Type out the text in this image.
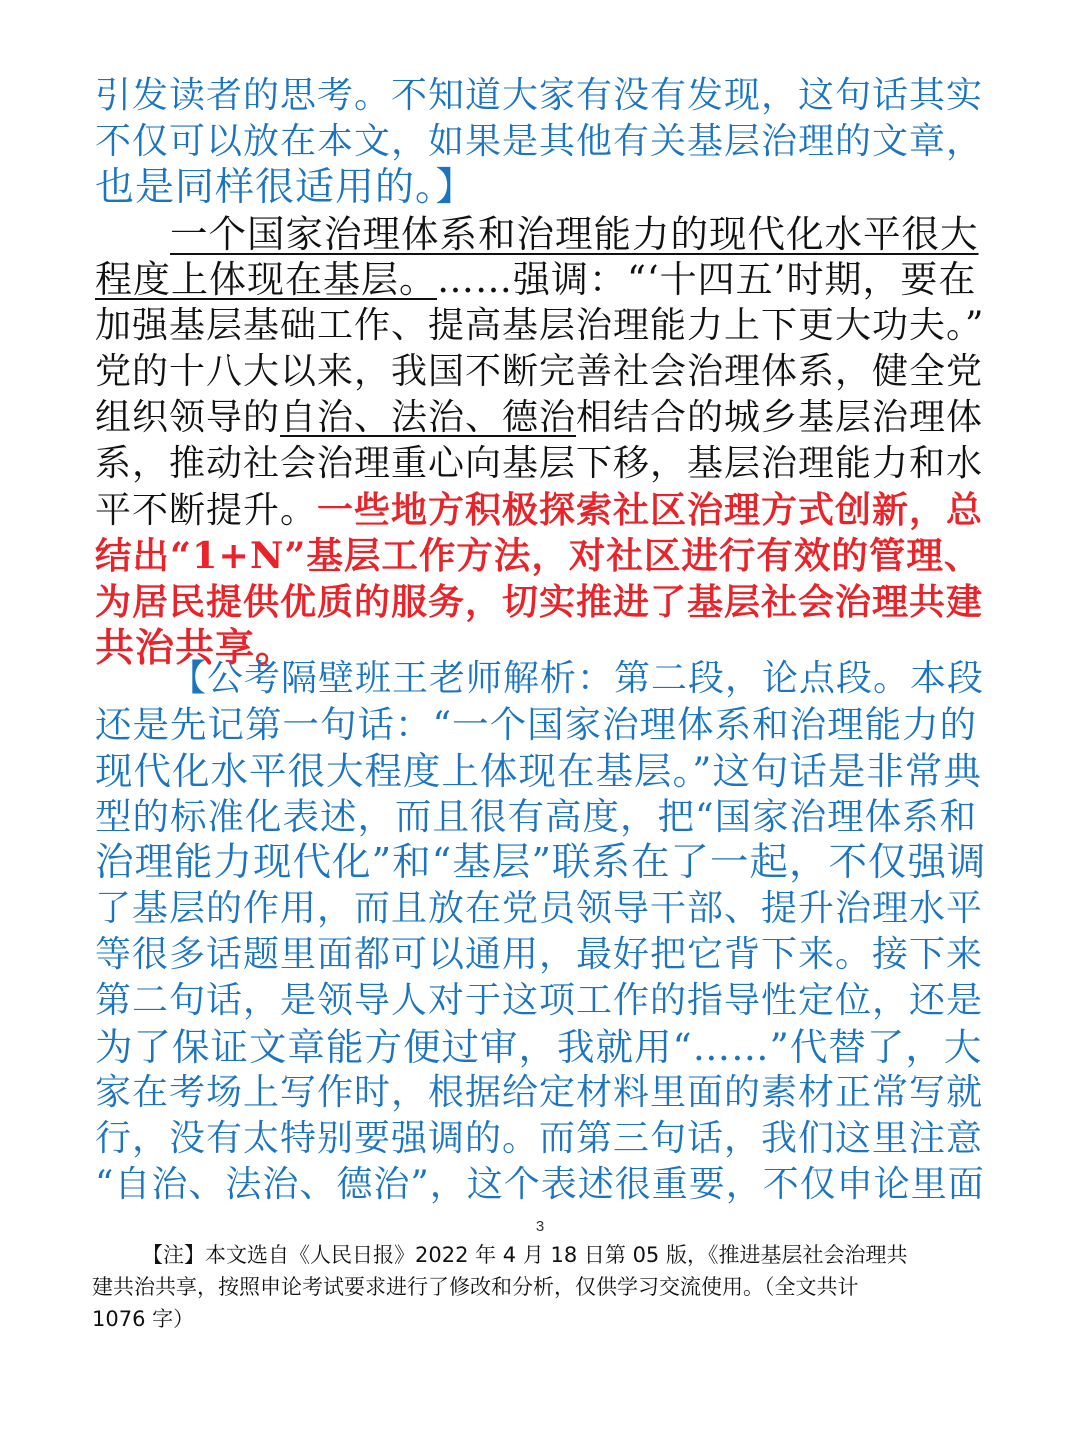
引发读者的思考。不知道大家有没有发现，这句话其实
不仅可以放在本文，如果是其他有关基层治理的文章，
也是同样很适用的。】
一个国家治理体系和治理能力的现代化水平很大
程度上体现在基层。……强调：“‘十四五’时期，要在
加强基层基础工作、提高基层治理能力上下更大功夫。”
党的十八大以来，我国不断完善社会治理体系，健全党
组织领导的自治、法治、德治相结合的城乡基层治理体
系，推动社会治理重心向基层下移，基层治理能力和水
平不断提升。一些地方积极探索社区治理方式创新，总
结出“1+N”基层工作方法，对社区进行有效的管理、
为居民提供优质的服务，切实推进了基层社会治理共建
共治共享。
【公考隔壁班王老师解析：第二段，论点段。本段
还是先记第一句话：“一个国家治理体系和治理能力的
现代化水平很大程度上体现在基层。”这句话是非常典
型的标准化表述，而且很有高度，把“国家治理体系和
治理能力现代化”和“基层”联系在了一起，不仅强调
了基层的作用，而且放在党员领导干部、提升治理水平
等很多话题里面都可以通用，最好把它背下来。接下来
第二句话，是领导人对于这项工作的指导性定位，还是
为了保证文章能方便过审，我就用“……”代替了，大
家在考场上写作时，根据给定材料里面的素材正常写就
行，没有太特别要强调的。而第三句话，我们这里注意
“自治、法治、德治”，这个表述很重要，不仅申论里面
3
【注】本文选自《人民日报》2022 年 4 月 18 日第 05 版，《推进基层社会治理共
建共治共享，按照申论考试要求进行了修改和分析，仅供学习交流使用。（全文共计
1076 字）
